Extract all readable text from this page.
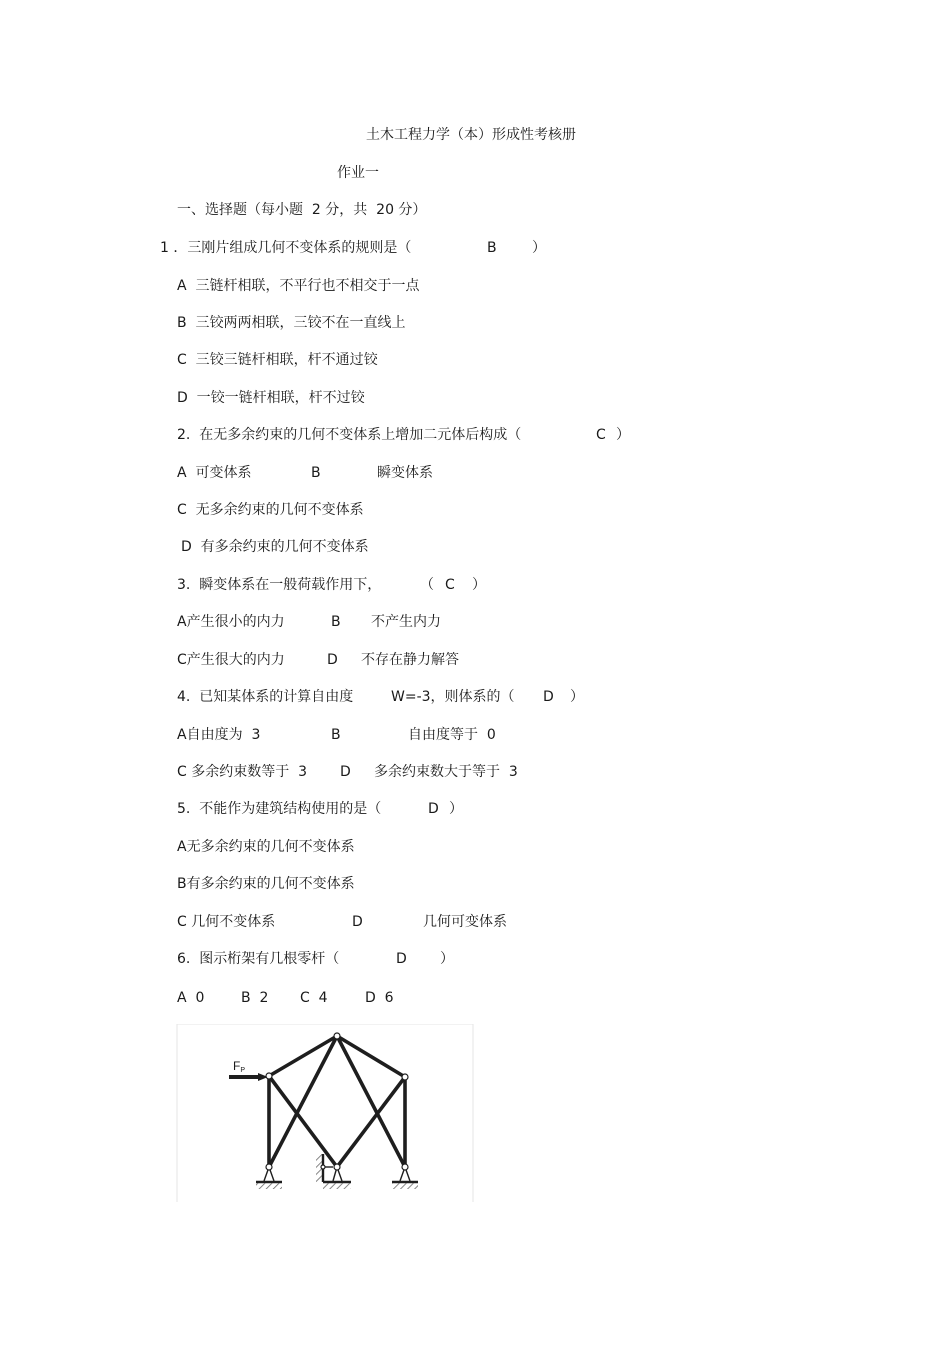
土木工程力学（本）形成性考核册
作业一
一、选择题（每小题  2 分，共  20 分）
1 ．三刚片组成几何不变体系的规则是（	B	）
A  三链杆相联，不平行也不相交于一点
B  三铰两两相联，三铰不在一直线上
C  三铰三链杆相联，杆不通过铰
D  一铰一链杆相联，杆不过铰
2.  在无多余约束的几何不变体系上增加二元体后构成（	C ）
A  可变体系	B	瞬变体系
C  无多余约束的几何不变体系
D  有多余约束的几何不变体系
3.  瞬变体系在一般荷载作用下，	（ C ）
A产生很小的内力	B 不产生内力
C产生很大的内力	D 不存在静力解答
4.  已知某体系的计算自由度	W=-3，则体系的（ D ）
A自由度为  3	B	自由度等于  0
C 多余约束数等于  3 D 多余约束数大于等于  3
5.  不能作为建筑结构使用的是（	D ）
A无多余约束的几何不变体系
B有多余约束的几何不变体系
C 几何不变体系	D	几何可变体系
6.  图示桁架有几根零杆（	D ）
A  0	B  2 C  4	D  6
FP
